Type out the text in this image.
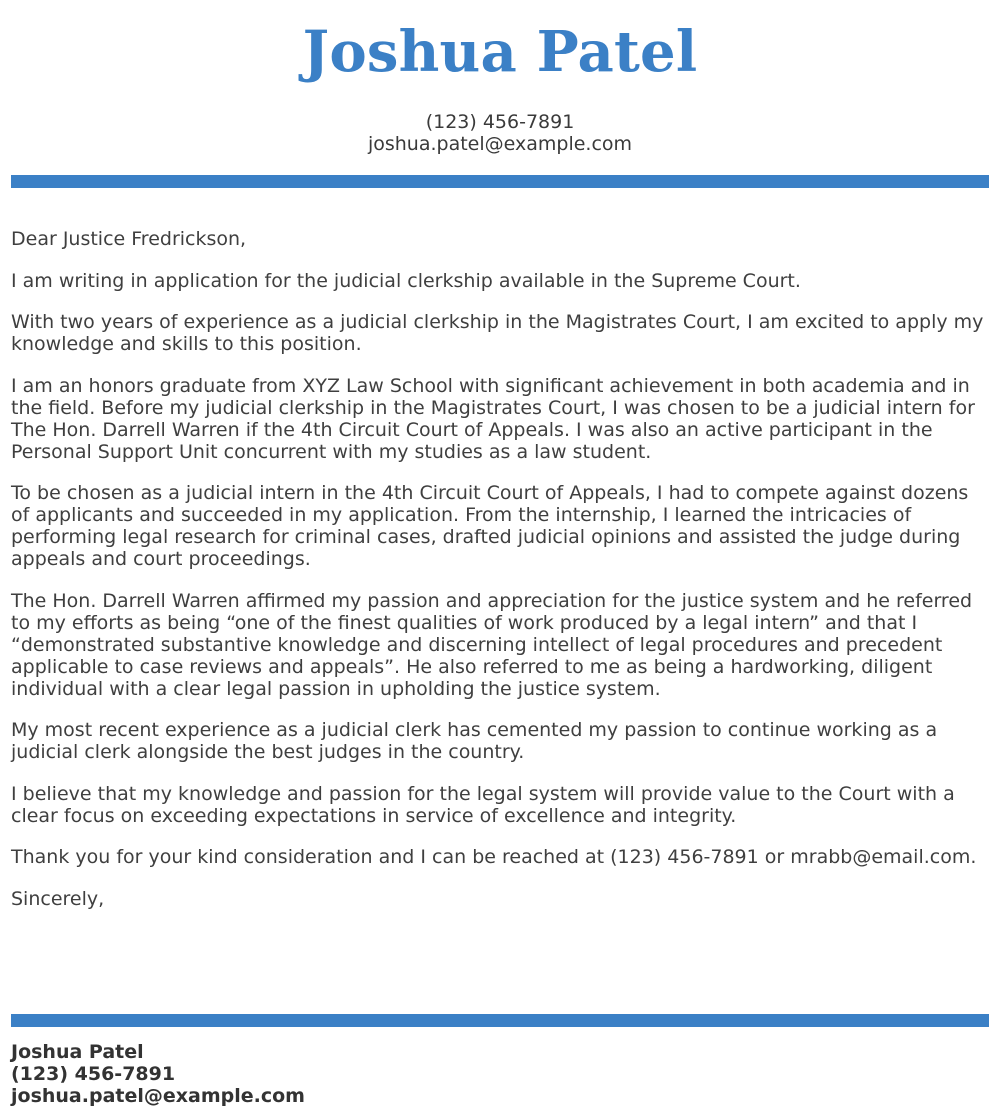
Joshua Patel
(123) 456-7891
joshua.patel@example.com

Dear Justice Fredrickson,

I am writing in application for the judicial clerkship available in the Supreme Court.

With two years of experience as a judicial clerkship in the Magistrates Court, I am excited to apply my knowledge and skills to this position.

I am an honors graduate from XYZ Law School with significant achievement in both academia and in the field. Before my judicial clerkship in the Magistrates Court, I was chosen to be a judicial intern for The Hon. Darrell Warren if the 4th Circuit Court of Appeals. I was also an active participant in the Personal Support Unit concurrent with my studies as a law student.

To be chosen as a judicial intern in the 4th Circuit Court of Appeals, I had to compete against dozens of applicants and succeeded in my application. From the internship, I learned the intricacies of performing legal research for criminal cases, drafted judicial opinions and assisted the judge during appeals and court proceedings.

The Hon. Darrell Warren affirmed my passion and appreciation for the justice system and he referred to my efforts as being “one of the finest qualities of work produced by a legal intern” and that I “demonstrated substantive knowledge and discerning intellect of legal procedures and precedent applicable to case reviews and appeals”. He also referred to me as being a hardworking, diligent individual with a clear legal passion in upholding the justice system.

My most recent experience as a judicial clerk has cemented my passion to continue working as a judicial clerk alongside the best judges in the country.

I believe that my knowledge and passion for the legal system will provide value to the Court with a clear focus on exceeding expectations in service of excellence and integrity.

Thank you for your kind consideration and I can be reached at (123) 456-7891 or mrabb@email.com.

Sincerely,

Joshua Patel
(123) 456-7891
joshua.patel@example.com
